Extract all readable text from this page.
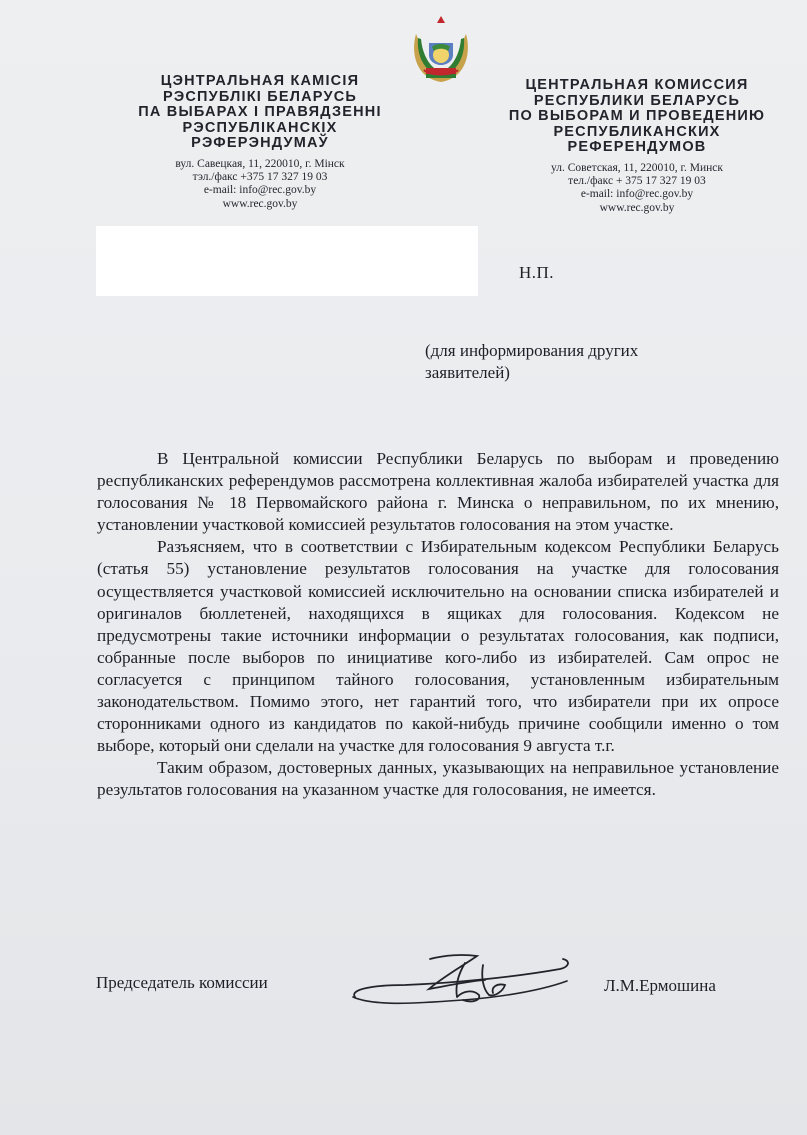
ЦЭНТРАЛЬНАЯ КАМІСІЯ
РЭСПУБЛІКІ БЕЛАРУСЬ
ПА ВЫБАРАХ І ПРАВЯДЗЕННІ
РЭСПУБЛІКАНСКІХ
РЭФЕРЭНДУМАЎ
вул. Савецкая, 11, 220010, г. Мінск
тэл./факс +375 17 327 19 03
e-mail: info@rec.gov.by
www.rec.gov.by
ЦЕНТРАЛЬНАЯ КОМИССИЯ
РЕСПУБЛИКИ БЕЛАРУСЬ
ПО ВЫБОРАМ И ПРОВЕДЕНИЮ
РЕСПУБЛИКАНСКИХ
РЕФЕРЕНДУМОВ
ул. Советская, 11, 220010, г. Минск
тел./факс + 375 17 327 19 03
e-mail: info@rec.gov.by
www.rec.gov.by
Н.П.
(для информирования других заявителей)

В Центральной комиссии Республики Беларусь по выборам и проведению республиканских референдумов рассмотрена коллективная жалоба избирателей участка для голосования № 18 Первомайского района г. Минска о неправильном, по их мнению, установлении участковой комиссией результатов голосования на этом участке.

Разъясняем, что в соответствии с Избирательным кодексом Республики Беларусь (статья 55) установление результатов голосования на участке для голосования осуществляется участковой комиссией исключительно на основании списка избирателей и оригиналов бюллетеней, находящихся в ящиках для голосования. Кодексом не предусмотрены такие источники информации о результатах голосования, как подписи, собранные после выборов по инициативе кого-либо из избирателей. Сам опрос не согласуется с принципом тайного голосования, установленным избирательным законодательством. Помимо этого, нет гарантий того, что избиратели при их опросе сторонниками одного из кандидатов по какой-нибудь причине сообщили именно о том выборе, который они сделали на участке для голосования 9 августа т.г.

Таким образом, достоверных данных, указывающих на неправильное установление результатов голосования на указанном участке для голосования, не имеется.

Председатель комиссии	Л.М.Ермошина
